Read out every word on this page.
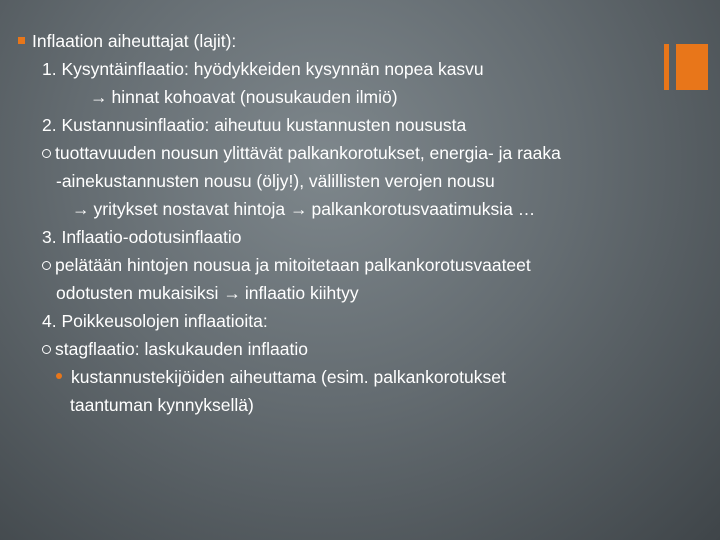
Inflaation aiheuttajat (lajit):
1. Kysyntäinflaatio: hyödykkeiden kysynnän nopea kasvu
→ hinnat kohoavat (nousukauden ilmiö)
2. Kustannusinflaatio: aiheutuu kustannusten noususta
tuottavuuden nousun ylittävät palkankorotukset, energia- ja raaka
-ainekustannusten nousu (öljy!), välillisten verojen nousu
→ yritykset nostavat hintoja → palkankorotusvaatimuksia …
3. Inflaatio-odotusinflaatio
pelätään hintojen nousua ja mitoitetaan palkankorotusvaateet
odotusten mukaisiksi → inflaatio kiihtyy
4. Poikkeusolojen inflaatioita:
stagflaatio: laskukauden inflaatio
kustannustekijöiden aiheuttama (esim. palkankorotukset
taantuman kynnyksellä)
